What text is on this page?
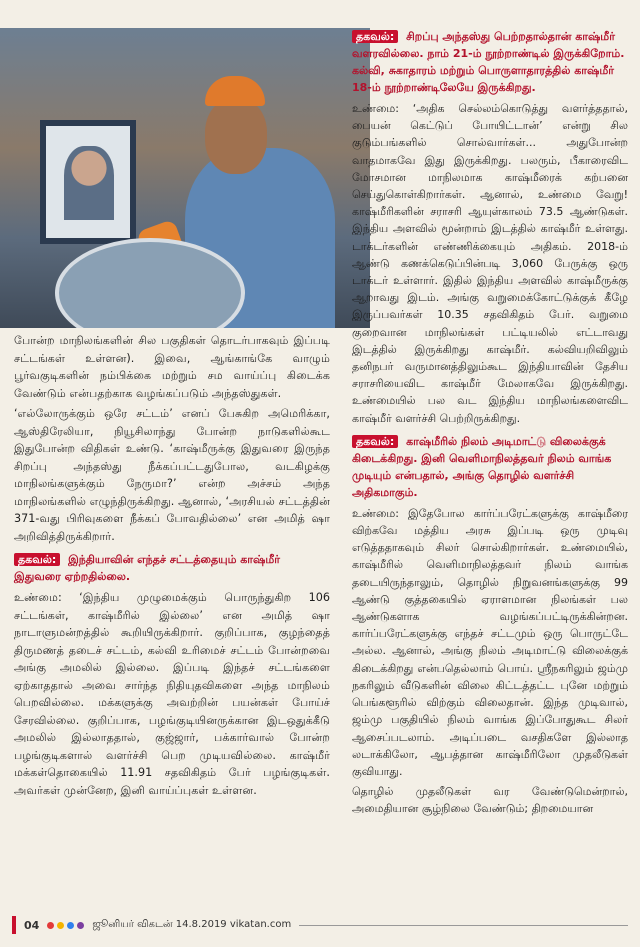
போன்ற மாநிலங்களின் சில பகுதிகள் தொடர்பாகவும் இப்படி சட்டங்கள் உள்ளன). இவை, ஆங்காங்கே வாழும் பூர்வகுடிகளின் நம்பிக்கை மற்றும் சம வாய்ப்பு கிடைக்க வேண்டும் என்பதற்காக வழங்கப்படும் அந்தஸ்துகள்.

‘எல்லோருக்கும் ஒரே சட்டம்’ எனப் பேசுகிற அமெரிக்கா, ஆஸ்திரேலியா, நியூசிலாந்து போன்ற நாடுகளில்கூட இதுபோன்ற விதிகள் உண்டு. ‘காஷ்மீருக்கு இதுவரை இருந்த சிறப்பு அந்தஸ்து நீக்கப்பட்டதுபோல, வடகிழக்கு மாநிலங்களுக்கும் நேருமா?’ என்ற அச்சம் அந்த மாநிலங்களில் எழுந்திருக்கிறது. ஆனால், ‘அரசியல் சட்டத்தின் 371-வது பிரிவுகளை நீக்கப் போவதில்லை’ என அமித் ஷா அறிவித்திருக்கிறார்.

தகவல்: இந்தியாவின் எந்தச் சட்டத்தையும் காஷ்மீர் இதுவரை ஏற்றதில்லை.

உண்மை: ‘இந்திய முழுமைக்கும் பொருந்துகிற 106 சட்டங்கள், காஷ்மீரில் இல்லை’ என அமித் ஷா நாடாளுமன்றத்தில் கூறியிருக்கிறார். குறிப்பாக, குழந்தைத் திருமணத் தடைச் சட்டம், கல்வி உரிமைச் சட்டம் போன்றவை அங்கு அமலில் இல்லை. இப்படி இந்தச் சட்டங்களை ஏற்காததால் அவை சார்ந்த நிதியுதவிகளை அந்த மாநிலம் பெறவில்லை. மக்களுக்கு அவற்றின் பயன்கள் போய்ச் சேரவில்லை. குறிப்பாக, பழங்குடியினருக்கான இடஒதுக்கீடு அமலில் இல்லாததால், குஜ்ஜார், பக்கார்வால் போன்ற பழங்குடிகளால் வளர்ச்சி பெற முடியவில்லை. காஷ்மீர் மக்கள்தொகையில் 11.91 சதவிகிதம் பேர் பழங்குடிகள். அவர்கள் முன்னேற, இனி வாய்ப்புகள் உள்ளன.

தகவல்: சிறப்பு அந்தஸ்து பெற்றதால்தான் காஷ்மீர் வளரவில்லை. நாம் 21-ம் நூற்றாண்டில் இருக்கிறோம். கல்வி, சுகாதாரம் மற்றும் பொருளாதாரத்தில் காஷ்மீர் 18-ம் நூற்றாண்டிலேயே இருக்கிறது.

உண்மை: ‘அதிக செல்லம்கொடுத்து வளர்த்ததால், பையன் கெட்டுப் போயிட்டான்’ என்று சில குடும்பங்களில் சொல்வார்கள்... அதுபோன்ற வாதமாகவே இது இருக்கிறது. பலரும், பீகாரைவிட மோசமான மாநிலமாக காஷ்மீரைக் கற்பனை செய்துகொள்கிறார்கள். ஆனால், உண்மை வேறு! காஷ்மீரிகளின் சராசரி ஆயுள்காலம் 73.5 ஆண்டுகள். இந்திய அளவில் மூன்றாம் இடத்தில் காஷ்மீர் உள்ளது. டாக்டர்களின் எண்ணிக்கையும் அதிகம். 2018-ம் ஆண்டு கணக்கெடுப்பின்படி 3,060 பேருக்கு ஒரு டாக்டர் உள்ளார். இதில் இந்திய அளவில் காஷ்மீருக்கு ஆறாவது இடம். அங்கு வறுமைக்கோட்டுக்குக் கீழே இருப்பவர்கள் 10.35 சதவிகிதம் பேர். வறுமை குறைவான மாநிலங்கள் பட்டியலில் எட்டாவது இடத்தில் இருக்கிறது காஷ்மீர். கல்வியறிவிலும் தனிநபர் வருமானத்திலும்கூட இந்தியாவின் தேசிய சராசரியைவிட காஷ்மீர் மேலாகவே இருக்கிறது. உண்மையில் பல வட இந்திய மாநிலங்களைவிட காஷ்மீர் வளர்ச்சி பெற்றிருக்கிறது.

தகவல்: காஷ்மீரில் நிலம் அடிமாட்டு விலைக்குக் கிடைக்கிறது. இனி வெளிமாநிலத்தவர் நிலம் வாங்க முடியும் என்பதால், அங்கு தொழில் வளர்ச்சி அதிகமாகும்.

உண்மை: இதேபோல கார்ப்பரேட்களுக்கு காஷ்மீரை விற்கவே மத்திய அரசு இப்படி ஒரு முடிவு எடுத்ததாகவும் சிலர் சொல்கிறார்கள். உண்மையில், காஷ்மீரில் வெளிமாநிலத்தவர் நிலம் வாங்க தடையிருந்தாலும், தொழில் நிறுவனங்களுக்கு 99 ஆண்டு குத்தகையில் ஏராளமான நிலங்கள் பல ஆண்டுகளாக வழங்கப்பட்டிருக்கின்றன. கார்ப்பரேட்களுக்கு எந்தச் சட்டமும் ஒரு பொருட்டே அல்ல. ஆனால், அங்கு நிலம் அடிமாட்டு விலைக்குக் கிடைக்கிறது என்பதெல்லாம் பொய். ஸ்ரீநகரிலும் ஜம்மு நகரிலும் வீடுகளின் விலை கிட்டத்தட்ட புனே மற்றும் பெங்களூரில் விற்கும் விலைதான். இந்த முடிவால், ஜம்மு பகுதியில் நிலம் வாங்க இப்போதுகூட சிலர் ஆசைப்படலாம். அடிப்படை வசதிகளே இல்லாத லடாக்கிலோ, ஆபத்தான காஷ்மீரிலோ முதலீடுகள் குவியாது.

தொழில் முதலீடுகள் வர வேண்டுமென்றால், அமைதியான சூழ்நிலை வேண்டும்; திறமையான

04	ஜூனியர் விகடன் 14.8.2019 vikatan.com
